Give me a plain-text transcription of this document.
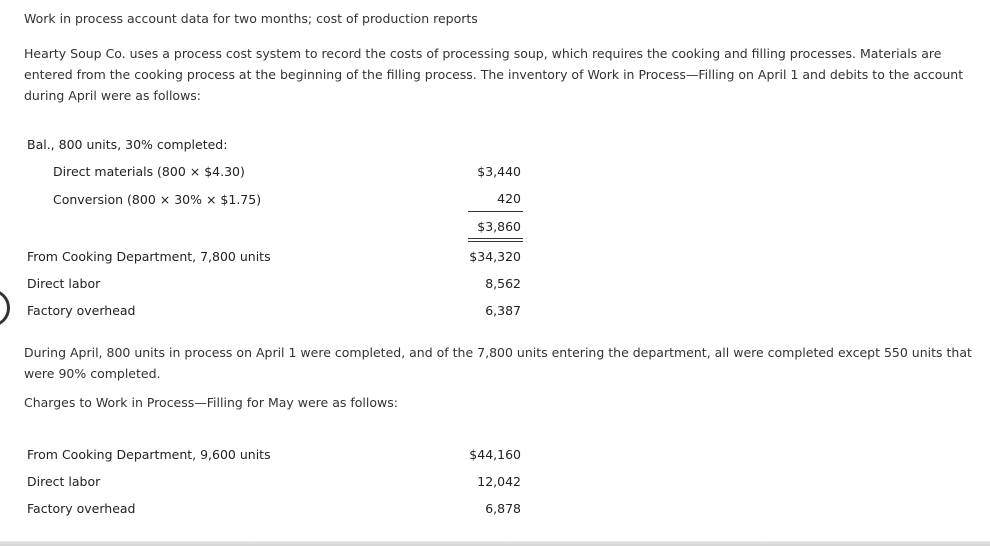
Work in process account data for two months; cost of production reports

Hearty Soup Co. uses a process cost system to record the costs of processing soup, which requires the cooking and filling processes. Materials are entered from the cooking process at the beginning of the filling process. The inventory of Work in Process—Filling on April 1 and debits to the account during April were as follows:

Bal., 800 units, 30% completed:
Direct materials (800 × $4.30)	$3,440
Conversion (800 × 30% × $1.75)	420
$3,860
From Cooking Department, 7,800 units	$34,320
Direct labor	8,562
Factory overhead	6,387

During April, 800 units in process on April 1 were completed, and of the 7,800 units entering the department, all were completed except 550 units that were 90% completed.

Charges to Work in Process—Filling for May were as follows:

From Cooking Department, 9,600 units	$44,160
Direct labor	12,042
Factory overhead	6,878
